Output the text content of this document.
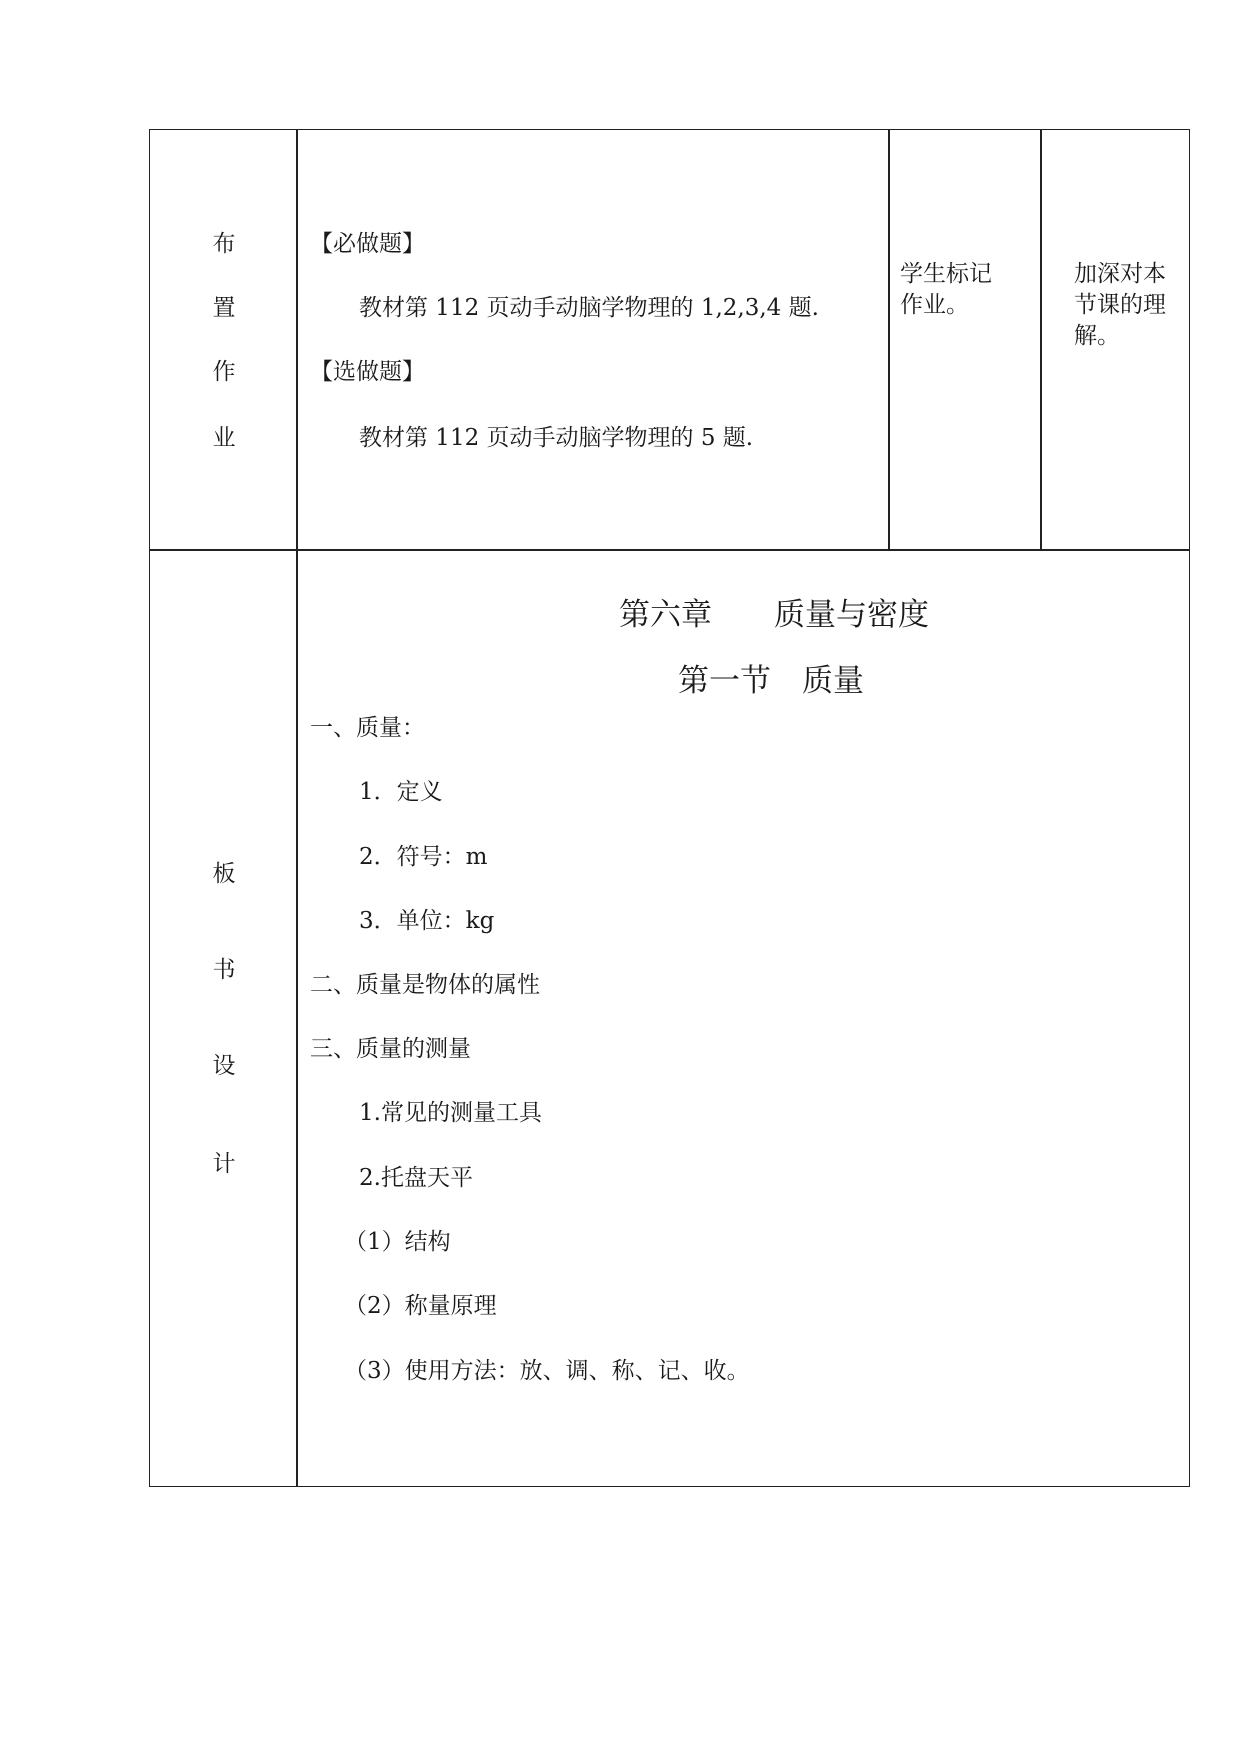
布
置
作
业
【必做题】
教材第 112 页动手动脑学物理的 1,2,3,4 题.
【选做题】
教材第 112 页动手动脑学物理的 5 题.
学生标记作业。
加深对本节课的理解。
板
书
设
计
第六章　　质量与密度
第一节　质量
一、质量：
1．定义
2．符号：m
3．单位：kg
二、质量是物体的属性
三、质量的测量
1.常见的测量工具
2.托盘天平
（1）结构
（2）称量原理
（3）使用方法：放、调、称、记、收。
